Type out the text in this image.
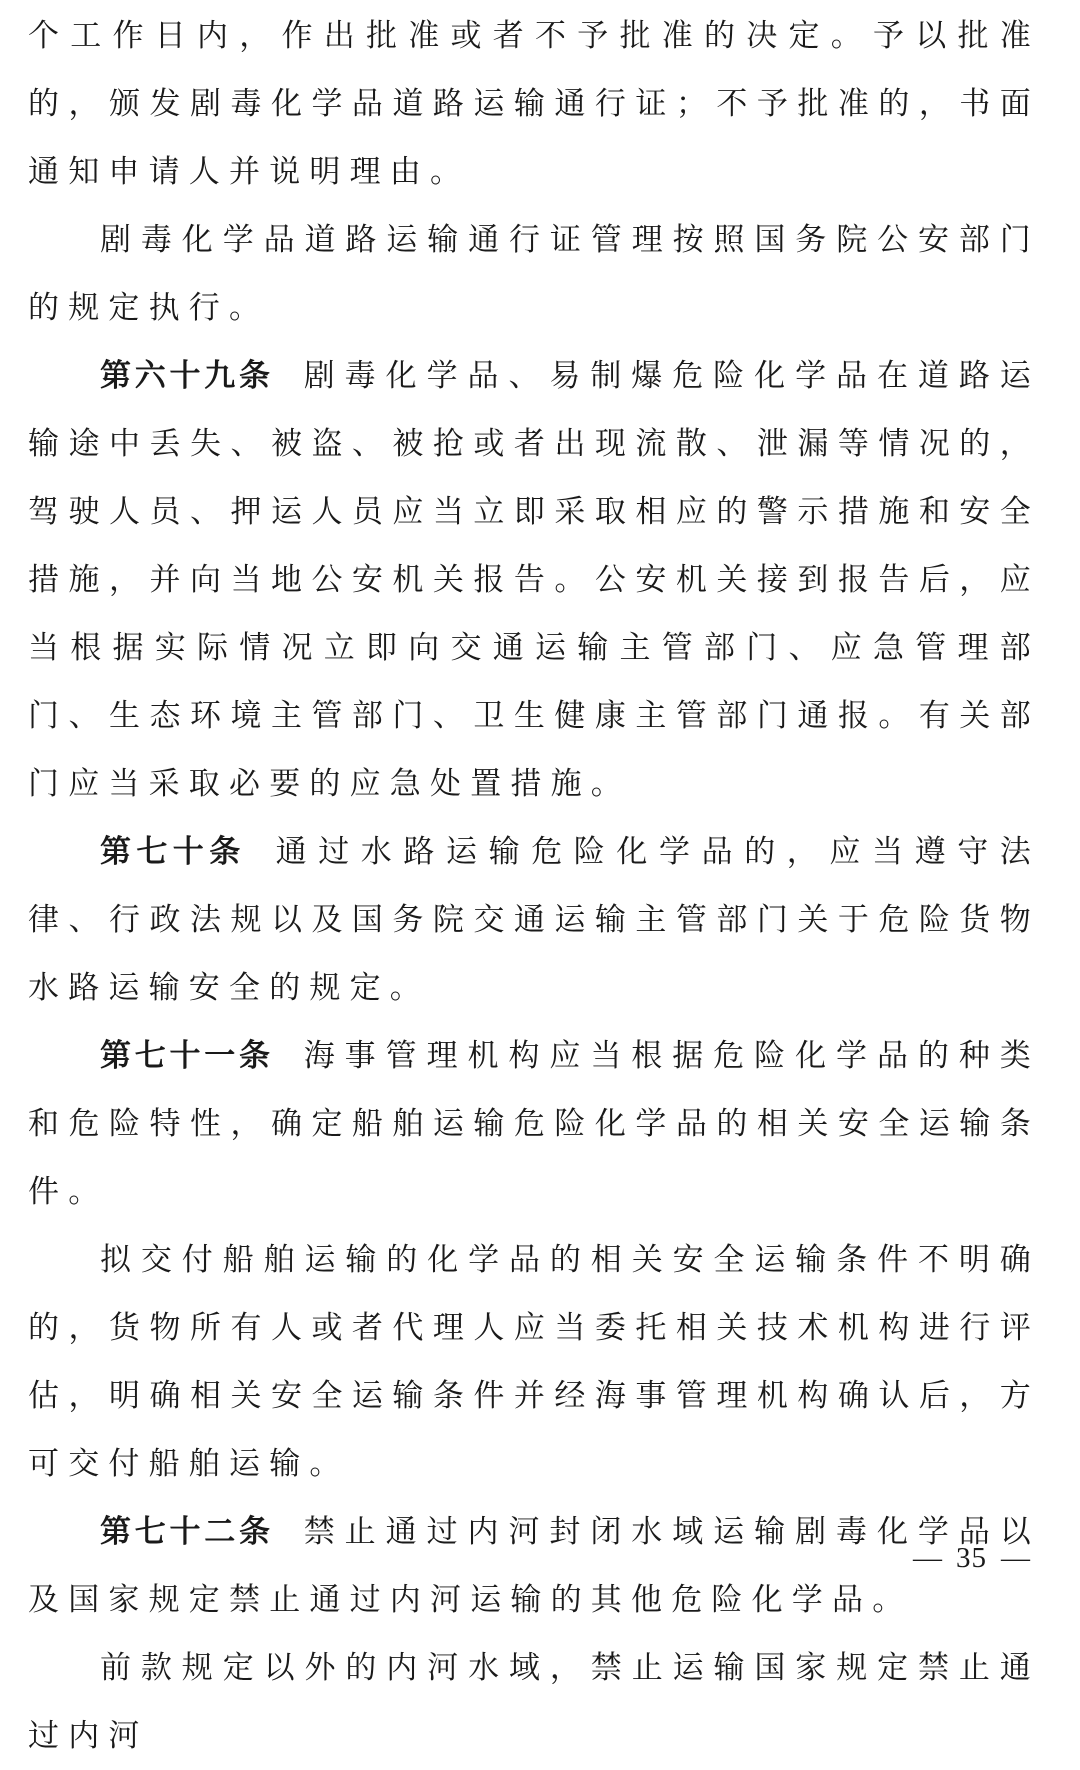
个工作日内，作出批准或者不予批准的决定。予以批准的，颁发剧毒化学品道路运输通行证；不予批准的，书面通知申请人并说明理由。

剧毒化学品道路运输通行证管理按照国务院公安部门的规定执行。

第六十九条 剧毒化学品、易制爆危险化学品在道路运输途中丢失、被盗、被抢或者出现流散、泄漏等情况的，驾驶人员、押运人员应当立即采取相应的警示措施和安全措施，并向当地公安机关报告。公安机关接到报告后，应当根据实际情况立即向交通运输主管部门、应急管理部门、生态环境主管部门、卫生健康主管部门通报。有关部门应当采取必要的应急处置措施。

第七十条 通过水路运输危险化学品的，应当遵守法律、行政法规以及国务院交通运输主管部门关于危险货物水路运输安全的规定。

第七十一条 海事管理机构应当根据危险化学品的种类和危险特性，确定船舶运输危险化学品的相关安全运输条件。

拟交付船舶运输的化学品的相关安全运输条件不明确的，货物所有人或者代理人应当委托相关技术机构进行评估，明确相关安全运输条件并经海事管理机构确认后，方可交付船舶运输。

第七十二条 禁止通过内河封闭水域运输剧毒化学品以及国家规定禁止通过内河运输的其他危险化学品。

前款规定以外的内河水域，禁止运输国家规定禁止通过内河

— 35 —
